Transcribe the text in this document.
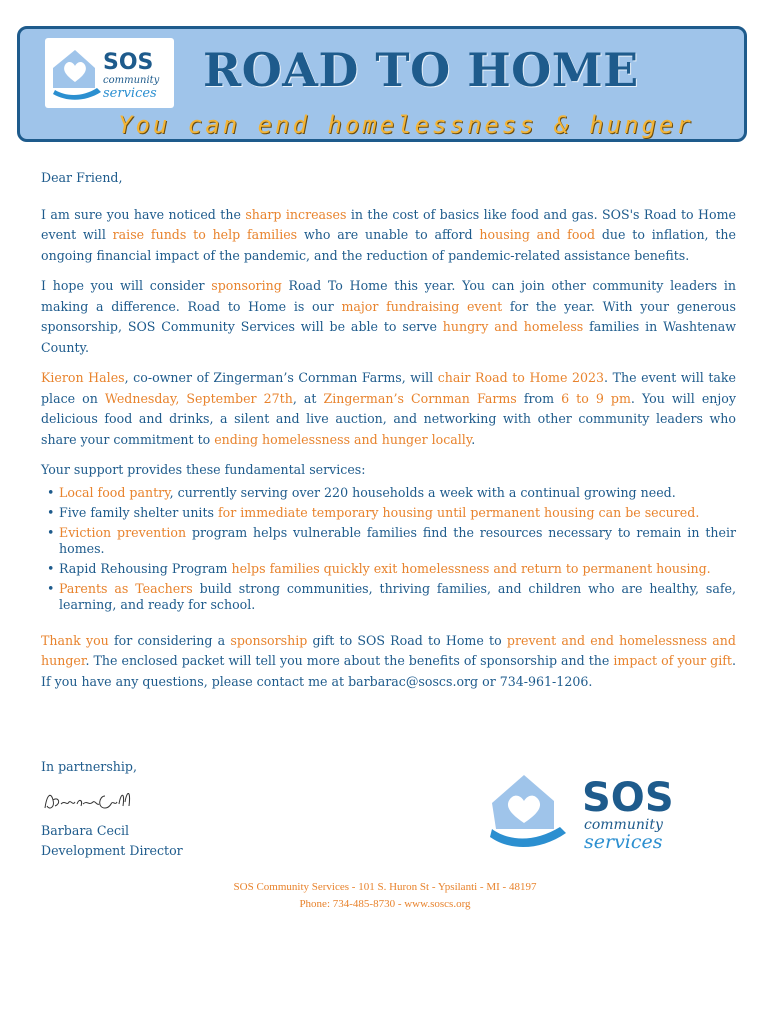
SOS
community
services ROAD TO HOME
You can end homelessness & hunger

Dear Friend,

I am sure you have noticed the sharp increases in the cost of basics like food and gas. SOS's Road to Home event will raise funds to help families who are unable to afford housing and food due to inflation, the ongoing financial impact of the pandemic, and the reduction of pandemic-related assistance benefits.

I hope you will consider sponsoring Road To Home this year. You can join other community leaders in making a difference. Road to Home is our major fundraising event for the year. With your generous sponsorship, SOS Community Services will be able to serve hungry and homeless families in Washtenaw County.

Kieron Hales, co-owner of Zingerman’s Cornman Farms, will chair Road to Home 2023. The event will take place on Wednesday, September 27th, at Zingerman’s Cornman Farms from 6 to 9 pm. You will enjoy delicious food and drinks, a silent and live auction, and networking with other community leaders who share your commitment to ending homelessness and hunger locally.

Your support provides these fundamental services:

• Local food pantry, currently serving over 220 households a week with a continual growing need.
• Five family shelter units for immediate temporary housing until permanent housing can be secured.
• Eviction prevention program helps vulnerable families find the resources necessary to remain in their homes.
• Rapid Rehousing Program helps families quickly exit homelessness and return to permanent housing.
• Parents as Teachers build strong communities, thriving families, and children who are healthy, safe, learning, and ready for school.

Thank you for considering a sponsorship gift to SOS Road to Home to prevent and end homelessness and hunger. The enclosed packet will tell you more about the benefits of sponsorship and the impact of your gift. If you have any questions, please contact me at barbarac@soscs.org or 734-961-1206.

In partnership,
Barbara Cecil
Development Director
SOS
community
services
SOS Community Services - 101 S. Huron St - Ypsilanti - MI - 48197
Phone: 734-485-8730 - www.soscs.org
